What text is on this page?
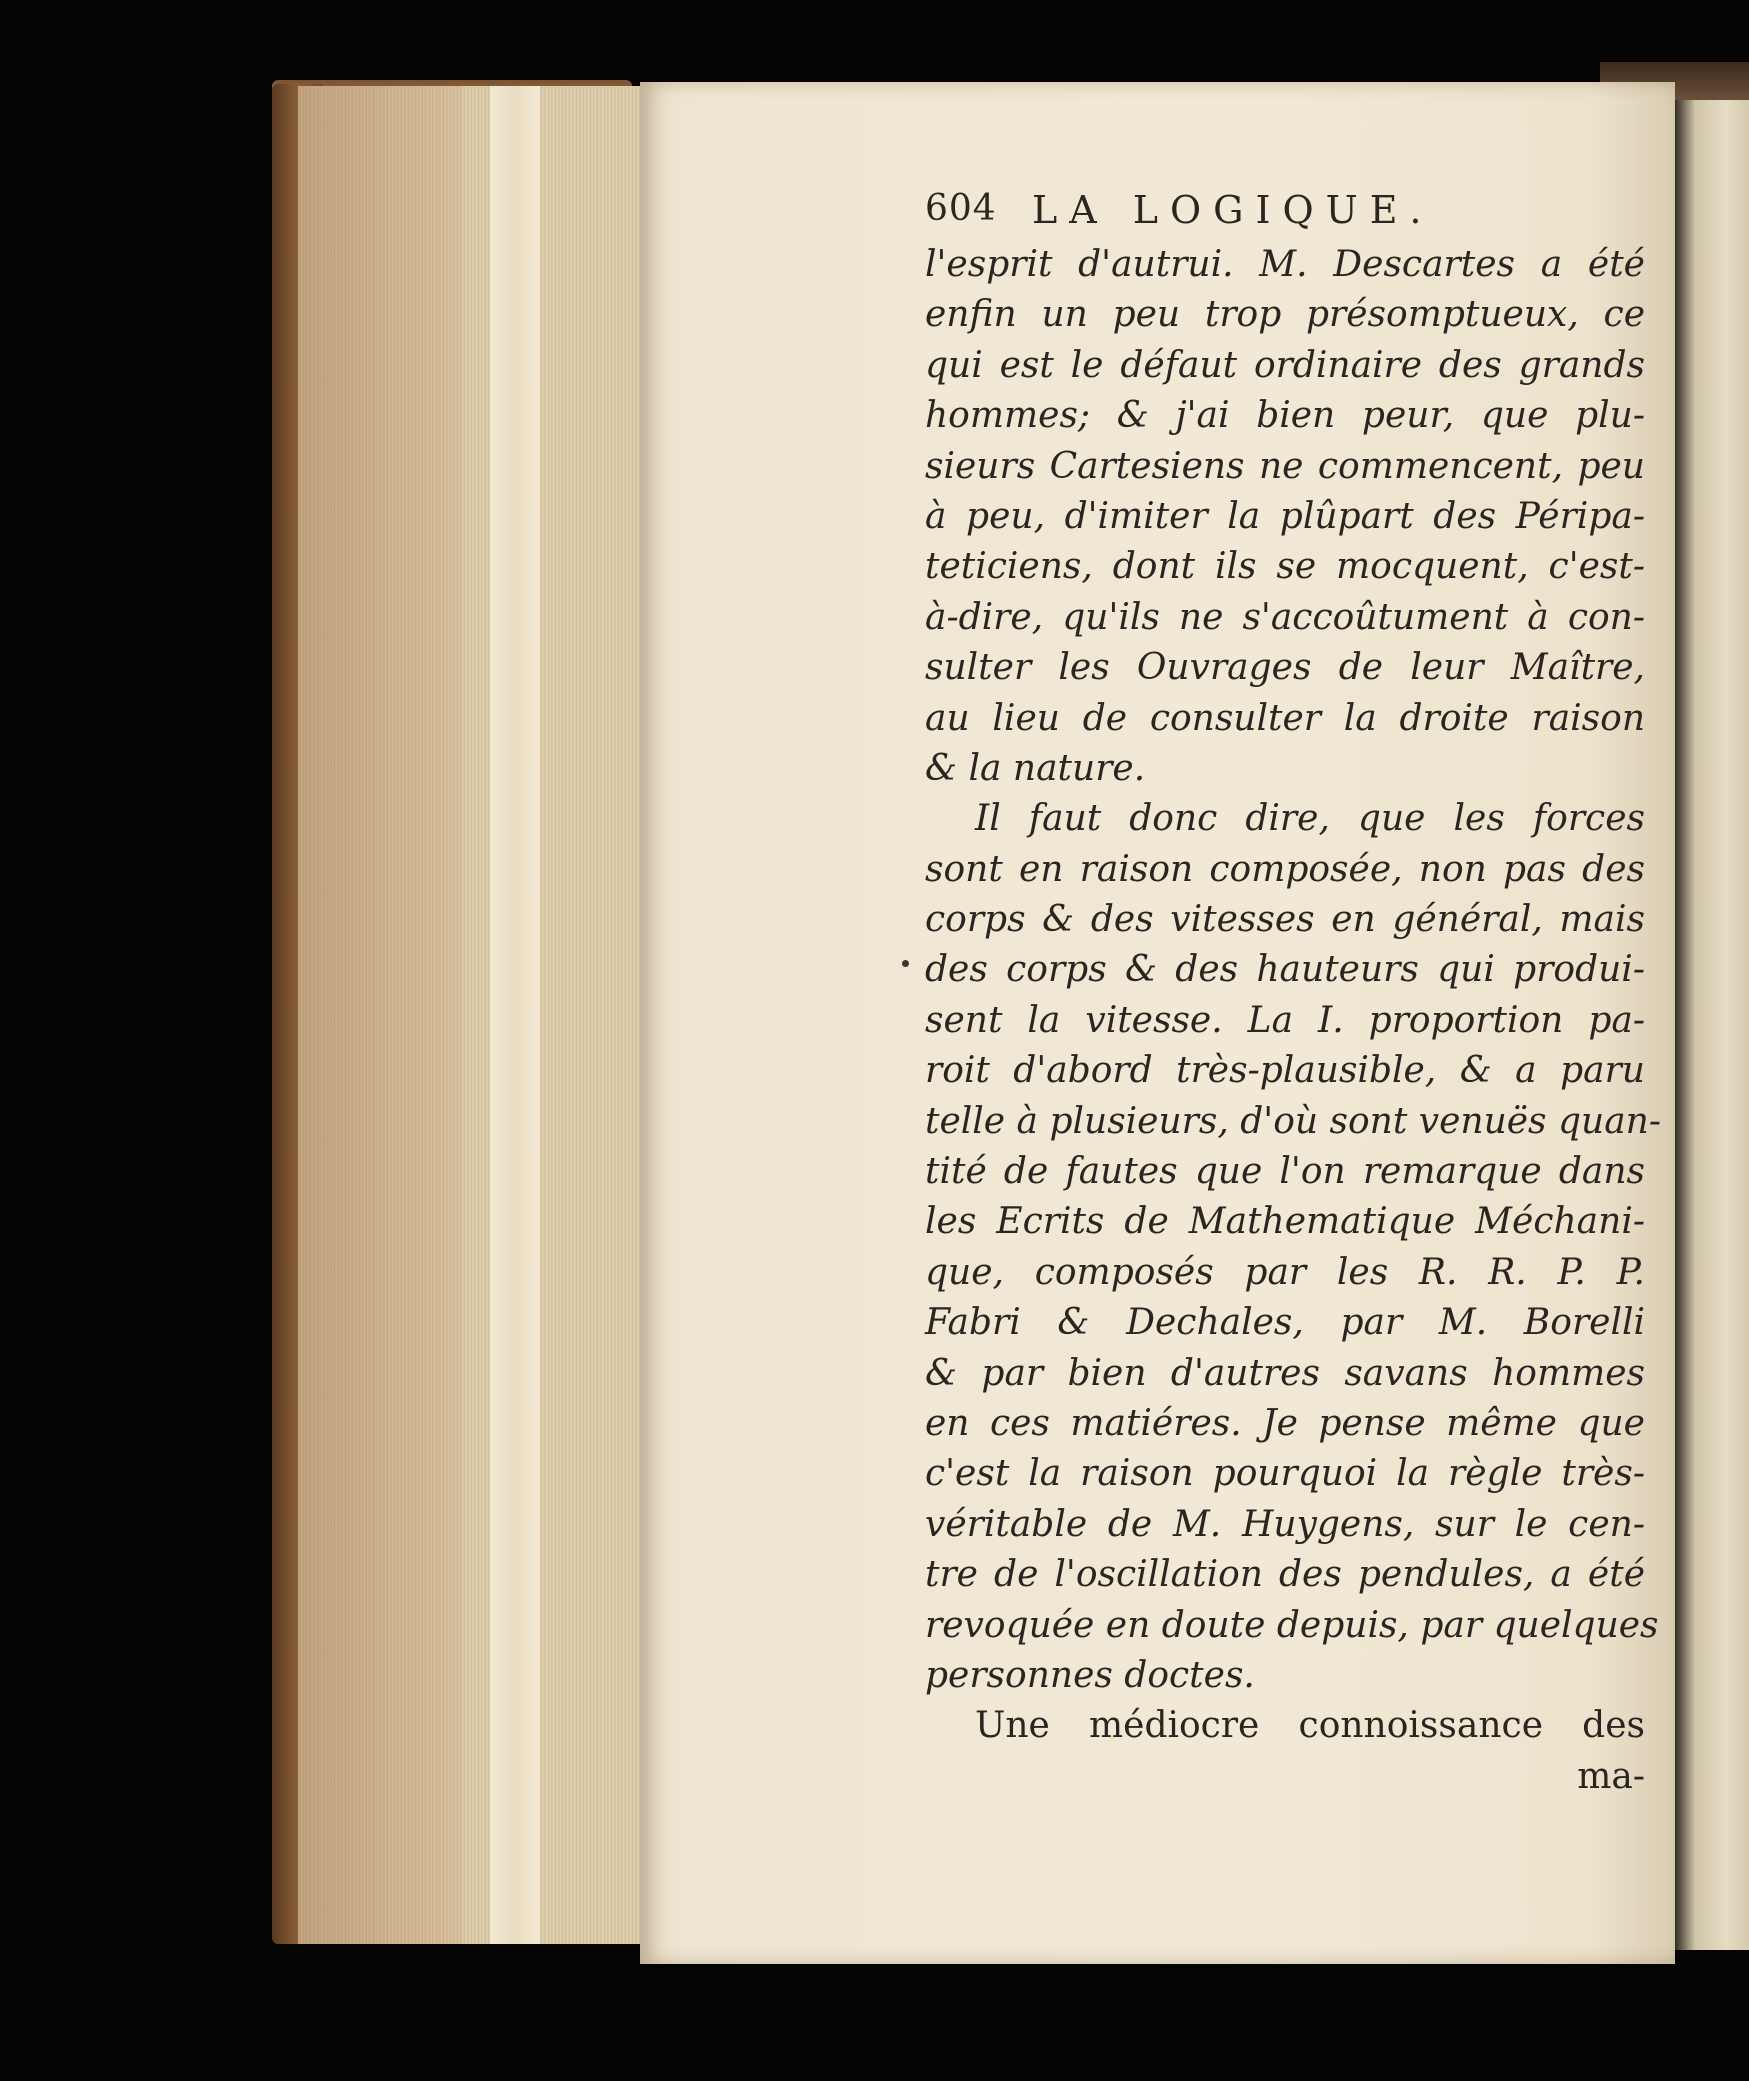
604 LA LOGIQUE.
l'esprit d'autrui. M. Descartes a été
enfin un peu trop présomptueux, ce
qui est le défaut ordinaire des grands
hommes; & j'ai bien peur, que plu-
sieurs Cartesiens ne commencent, peu
à peu, d'imiter la plûpart des Péripa-
teticiens, dont ils se mocquent, c'est-
à-dire, qu'ils ne s'accoûtument à con-
sulter les Ouvrages de leur Maître,
au lieu de consulter la droite raison
& la nature.
Il faut donc dire, que les forces
sont en raison composée, non pas des
corps & des vitesses en général, mais
des corps & des hauteurs qui produi-
sent la vitesse. La I. proportion pa-
roit d'abord très-plausible, & a paru
telle à plusieurs, d'où sont venuës quan-
tité de fautes que l'on remarque dans
les Ecrits de Mathematique Méchani-
que, composés par les R. R. P. P.
Fabri & Dechales, par M. Borelli
& par bien d'autres savans hommes
en ces matiéres. Je pense même que
c'est la raison pourquoi la règle très-
véritable de M. Huygens, sur le cen-
tre de l'oscillation des pendules, a été
revoquée en doute depuis, par quelques
personnes doctes.
Une médiocre connoissance des
ma-
